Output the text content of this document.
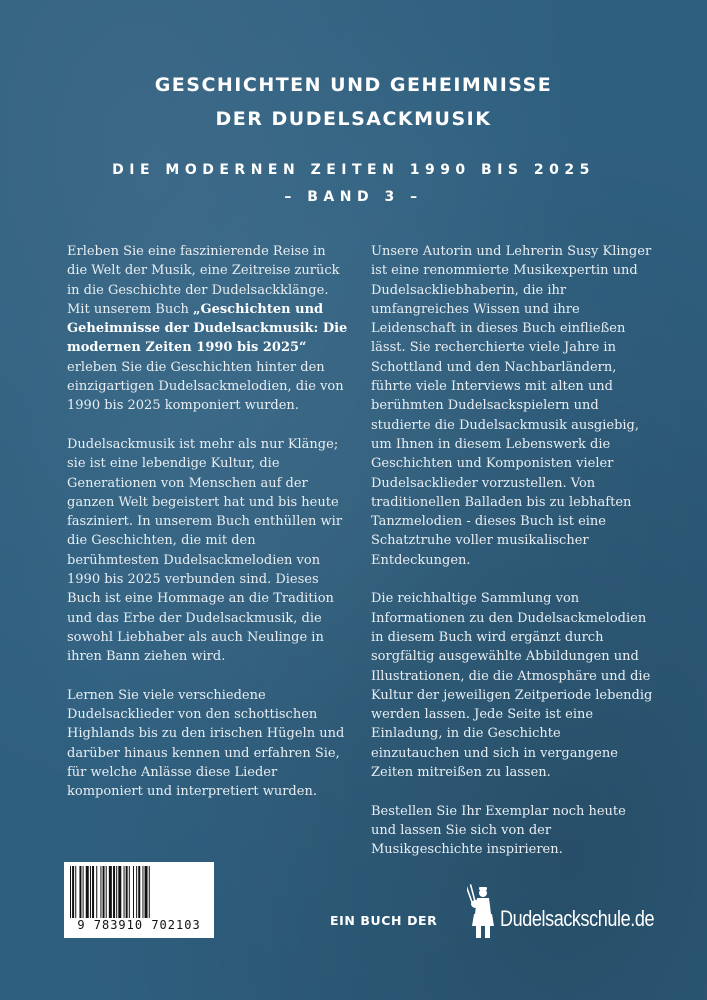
GESCHICHTEN UND GEHEIMNISSE
DER DUDELSACKMUSIK
DIE MODERNEN ZEITEN 1990 BIS 2025
– BAND 3 –

Erleben Sie eine faszinierende Reise in die Welt der Musik, eine Zeitreise zurück in die Geschichte der Dudelsackklänge. Mit unserem Buch „Geschichten und Geheimnisse der Dudelsackmusik: Die modernen Zeiten 1990 bis 2025“ erleben Sie die Geschichten hinter den einzigartigen Dudelsackmelodien, die von 1990 bis 2025 komponiert wurden.

Dudelsackmusik ist mehr als nur Klänge; sie ist eine lebendige Kultur, die Generationen von Menschen auf der ganzen Welt begeistert hat und bis heute fasziniert. In unserem Buch enthüllen wir die Geschichten, die mit den berühmtesten Dudelsackmelodien von 1990 bis 2025 verbunden sind. Dieses Buch ist eine Hommage an die Tradition und das Erbe der Dudelsackmusik, die sowohl Liebhaber als auch Neulinge in ihren Bann ziehen wird.

Lernen Sie viele verschiedene Dudelsacklieder von den schottischen Highlands bis zu den irischen Hügeln und darüber hinaus kennen und erfahren Sie, für welche Anlässe diese Lieder komponiert und interpretiert wurden.

Unsere Autorin und Lehrerin Susy Klinger ist eine renommierte Musikexpertin und Dudelsackliebhaberin, die ihr umfangreiches Wissen und ihre Leidenschaft in dieses Buch einfließen lässt. Sie recherchierte viele Jahre in Schottland und den Nachbarländern, führte viele Interviews mit alten und berühmten Dudelsackspielern und studierte die Dudelsackmusik ausgiebig, um Ihnen in diesem Lebenswerk die Geschichten und Komponisten vieler Dudelsacklieder vorzustellen. Von traditionellen Balladen bis zu lebhaften Tanzmelodien - dieses Buch ist eine Schatztruhe voller musikalischer Entdeckungen.

Die reichhaltige Sammlung von Informationen zu den Dudelsackmelodien in diesem Buch wird ergänzt durch sorgfältig ausgewählte Abbildungen und Illustrationen, die die Atmosphäre und die Kultur der jeweiligen Zeitperiode lebendig werden lassen. Jede Seite ist eine Einladung, in die Geschichte einzutauchen und sich in vergangene Zeiten mitreißen zu lassen.

Bestellen Sie Ihr Exemplar noch heute und lassen Sie sich von der Musikgeschichte inspirieren.

9 783910 702103	EIN BUCH DER	Dudelsackschule.de
